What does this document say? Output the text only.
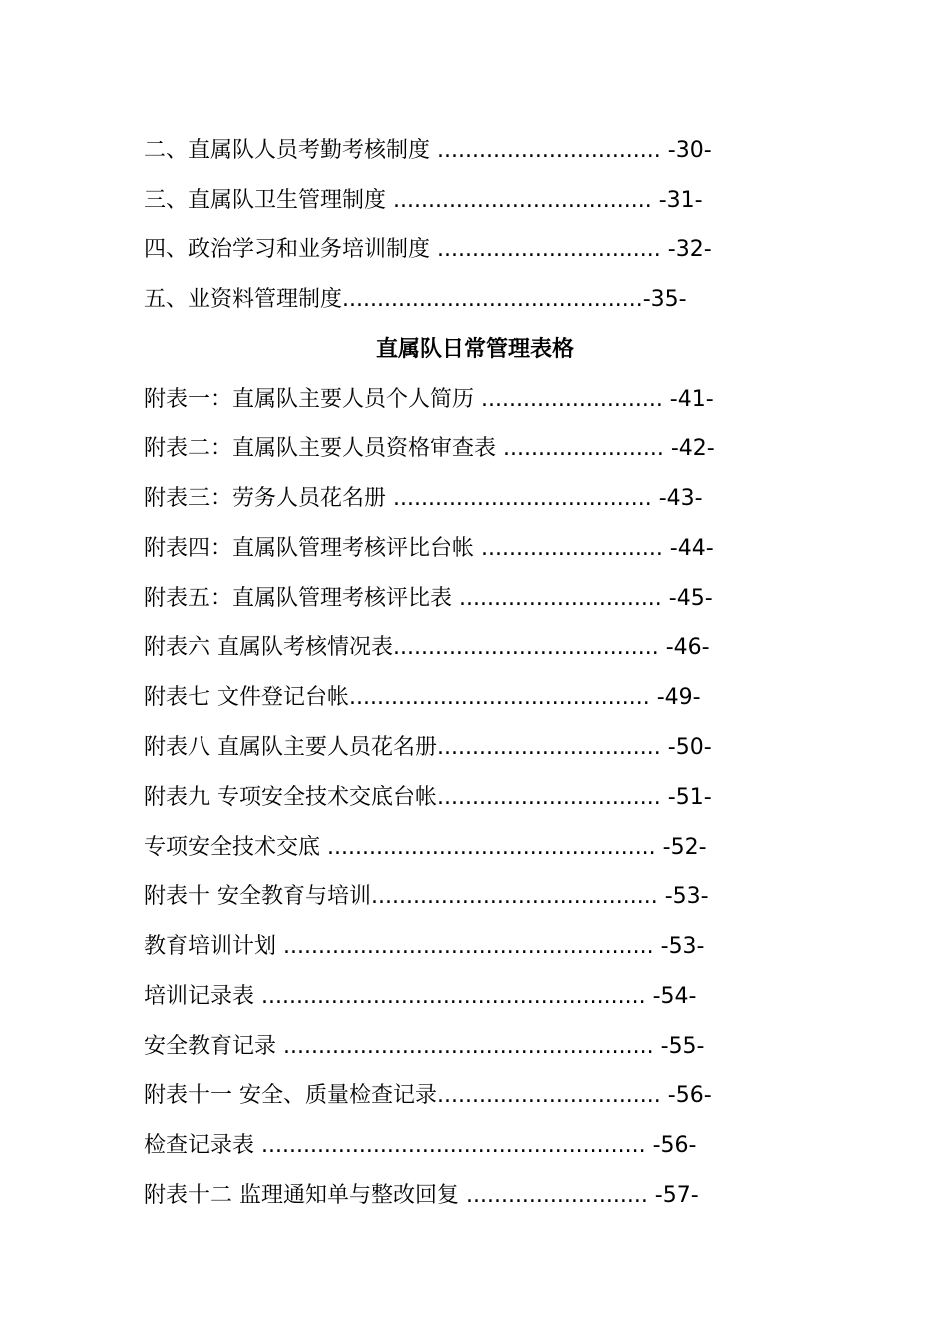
二、直属队人员考勤考核制度 ................................ -30-
三、直属队卫生管理制度 ..................................... -31-
四、政治学习和业务培训制度 ................................ -32-
五、业资料管理制度...........................................-35-
直属队日常管理表格
附表一：直属队主要人员个人简历 .......................... -41-
附表二：直属队主要人员资格审查表 ....................... -42-
附表三：劳务人员花名册 ..................................... -43-
附表四：直属队管理考核评比台帐 .......................... -44-
附表五：直属队管理考核评比表 ............................. -45-
附表六 直属队考核情况表...................................... -46-
附表七 文件登记台帐........................................... -49-
附表八 直属队主要人员花名册................................ -50-
附表九 专项安全技术交底台帐................................ -51-
专项安全技术交底 ............................................... -52-
附表十 安全教育与培训......................................... -53-
教育培训计划 ..................................................... -53-
培训记录表 ....................................................... -54-
安全教育记录 ..................................................... -55-
附表十一 安全、质量检查记录................................ -56-
检查记录表 ....................................................... -56-
附表十二 监理通知单与整改回复 .......................... -57-
